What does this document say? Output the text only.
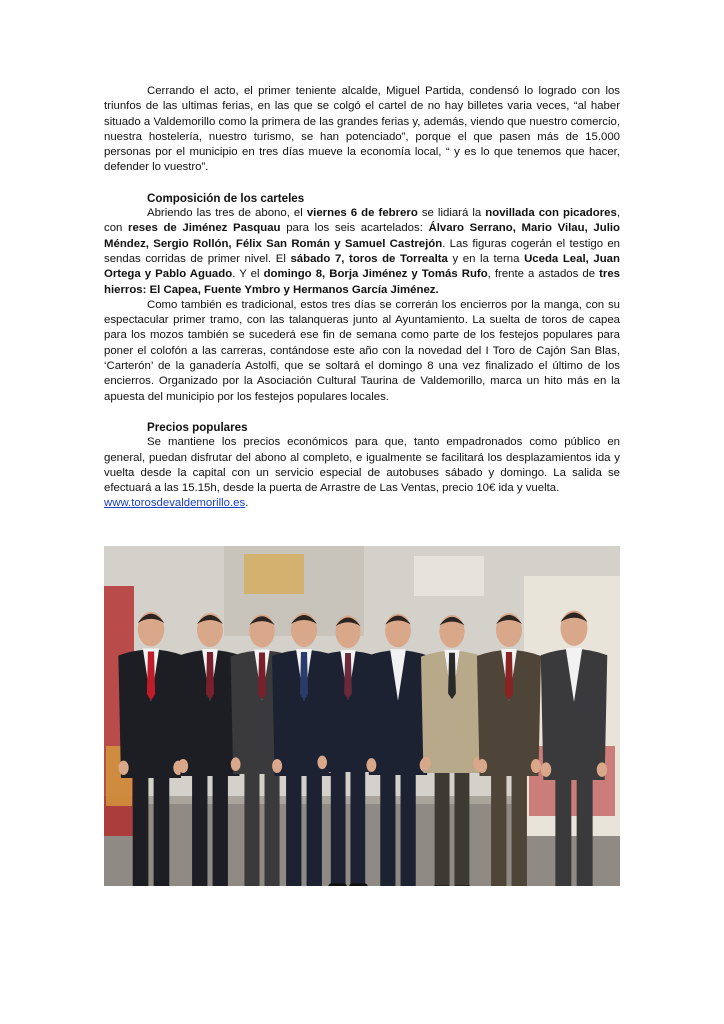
Cerrando el acto, el primer teniente alcalde, Miguel Partida, condensó lo logrado con los triunfos de las ultimas ferias, en las que se colgó el cartel de no hay billetes varia veces, “al haber situado a Valdemorillo como la primera de las grandes ferias y, además, viendo que nuestro comercio, nuestra hostelería, nuestro turismo, se han potenciado”, porque el que pasen más de 15.000 personas por el municipio en tres días mueve la economía local, “ y es lo que tenemos que hacer, defender lo vuestro”.

Composición de los carteles

Abriendo las tres de abono, el viernes 6 de febrero se lidiará la novillada con picadores, con reses de Jiménez Pasquau para los seis acartelados: Álvaro Serrano, Mario Vilau, Julio Méndez, Sergio Rollón, Félix San Román y Samuel Castrejón. Las figuras cogerán el testigo en sendas corridas de primer nivel. El sábado 7, toros de Torrealta y en la terna Uceda Leal, Juan Ortega y Pablo Aguado. Y el domingo 8, Borja Jiménez y Tomás Rufo, frente a astados de tres hierros: El Capea, Fuente Ymbro y Hermanos García Jiménez.

Como también es tradicional, estos tres días se correrán los encierros por la manga, con su espectacular primer tramo, con las talanqueras junto al Ayuntamiento. La suelta de toros de capea para los mozos también se sucederá ese fin de semana como parte de los festejos populares para poner el colofón a las carreras, contándose este año con la novedad del I Toro de Cajón San Blas, ‘Carterón’ de la ganadería Astolfi, que se soltará el domingo 8 una vez finalizado el último de los encierros. Organizado por la Asociación Cultural Taurina de Valdemorillo, marca un hito más en la apuesta del municipio por los festejos populares locales.

Precios populares

Se mantiene los precios económicos para que, tanto empadronados como público en general, puedan disfrutar del abono al completo, e igualmente se facilitará los desplazamientos ida y vuelta desde la capital con un servicio especial de autobuses sábado y domingo. La salida se efectuará a las 15.15h, desde la puerta de Arrastre de Las Ventas, precio 10€ ida y vuelta.

www.torosdevaldemorillo.es.
